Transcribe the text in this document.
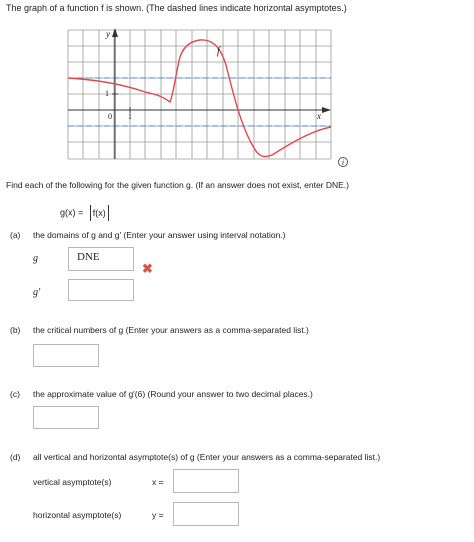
The graph of a function f is shown. (The dashed lines indicate horizontal asymptotes.)
y
x
f
1
1
0
i
Find each of the following for the given function g. (If an answer does not exist, enter DNE.)
g(x) = f(x)
(a) the domains of g and g′ (Enter your answer using interval notation.)
g	DNE
✖
g′
(b) the critical numbers of g (Enter your answers as a comma-separated list.)
(c) the approximate value of g′(6) (Round your answer to two decimal places.)
(d) all vertical and horizontal asymptote(s) of g (Enter your answers as a comma-separated list.)
vertical asymptote(s)	x =
horizontal asymptote(s)	y =
